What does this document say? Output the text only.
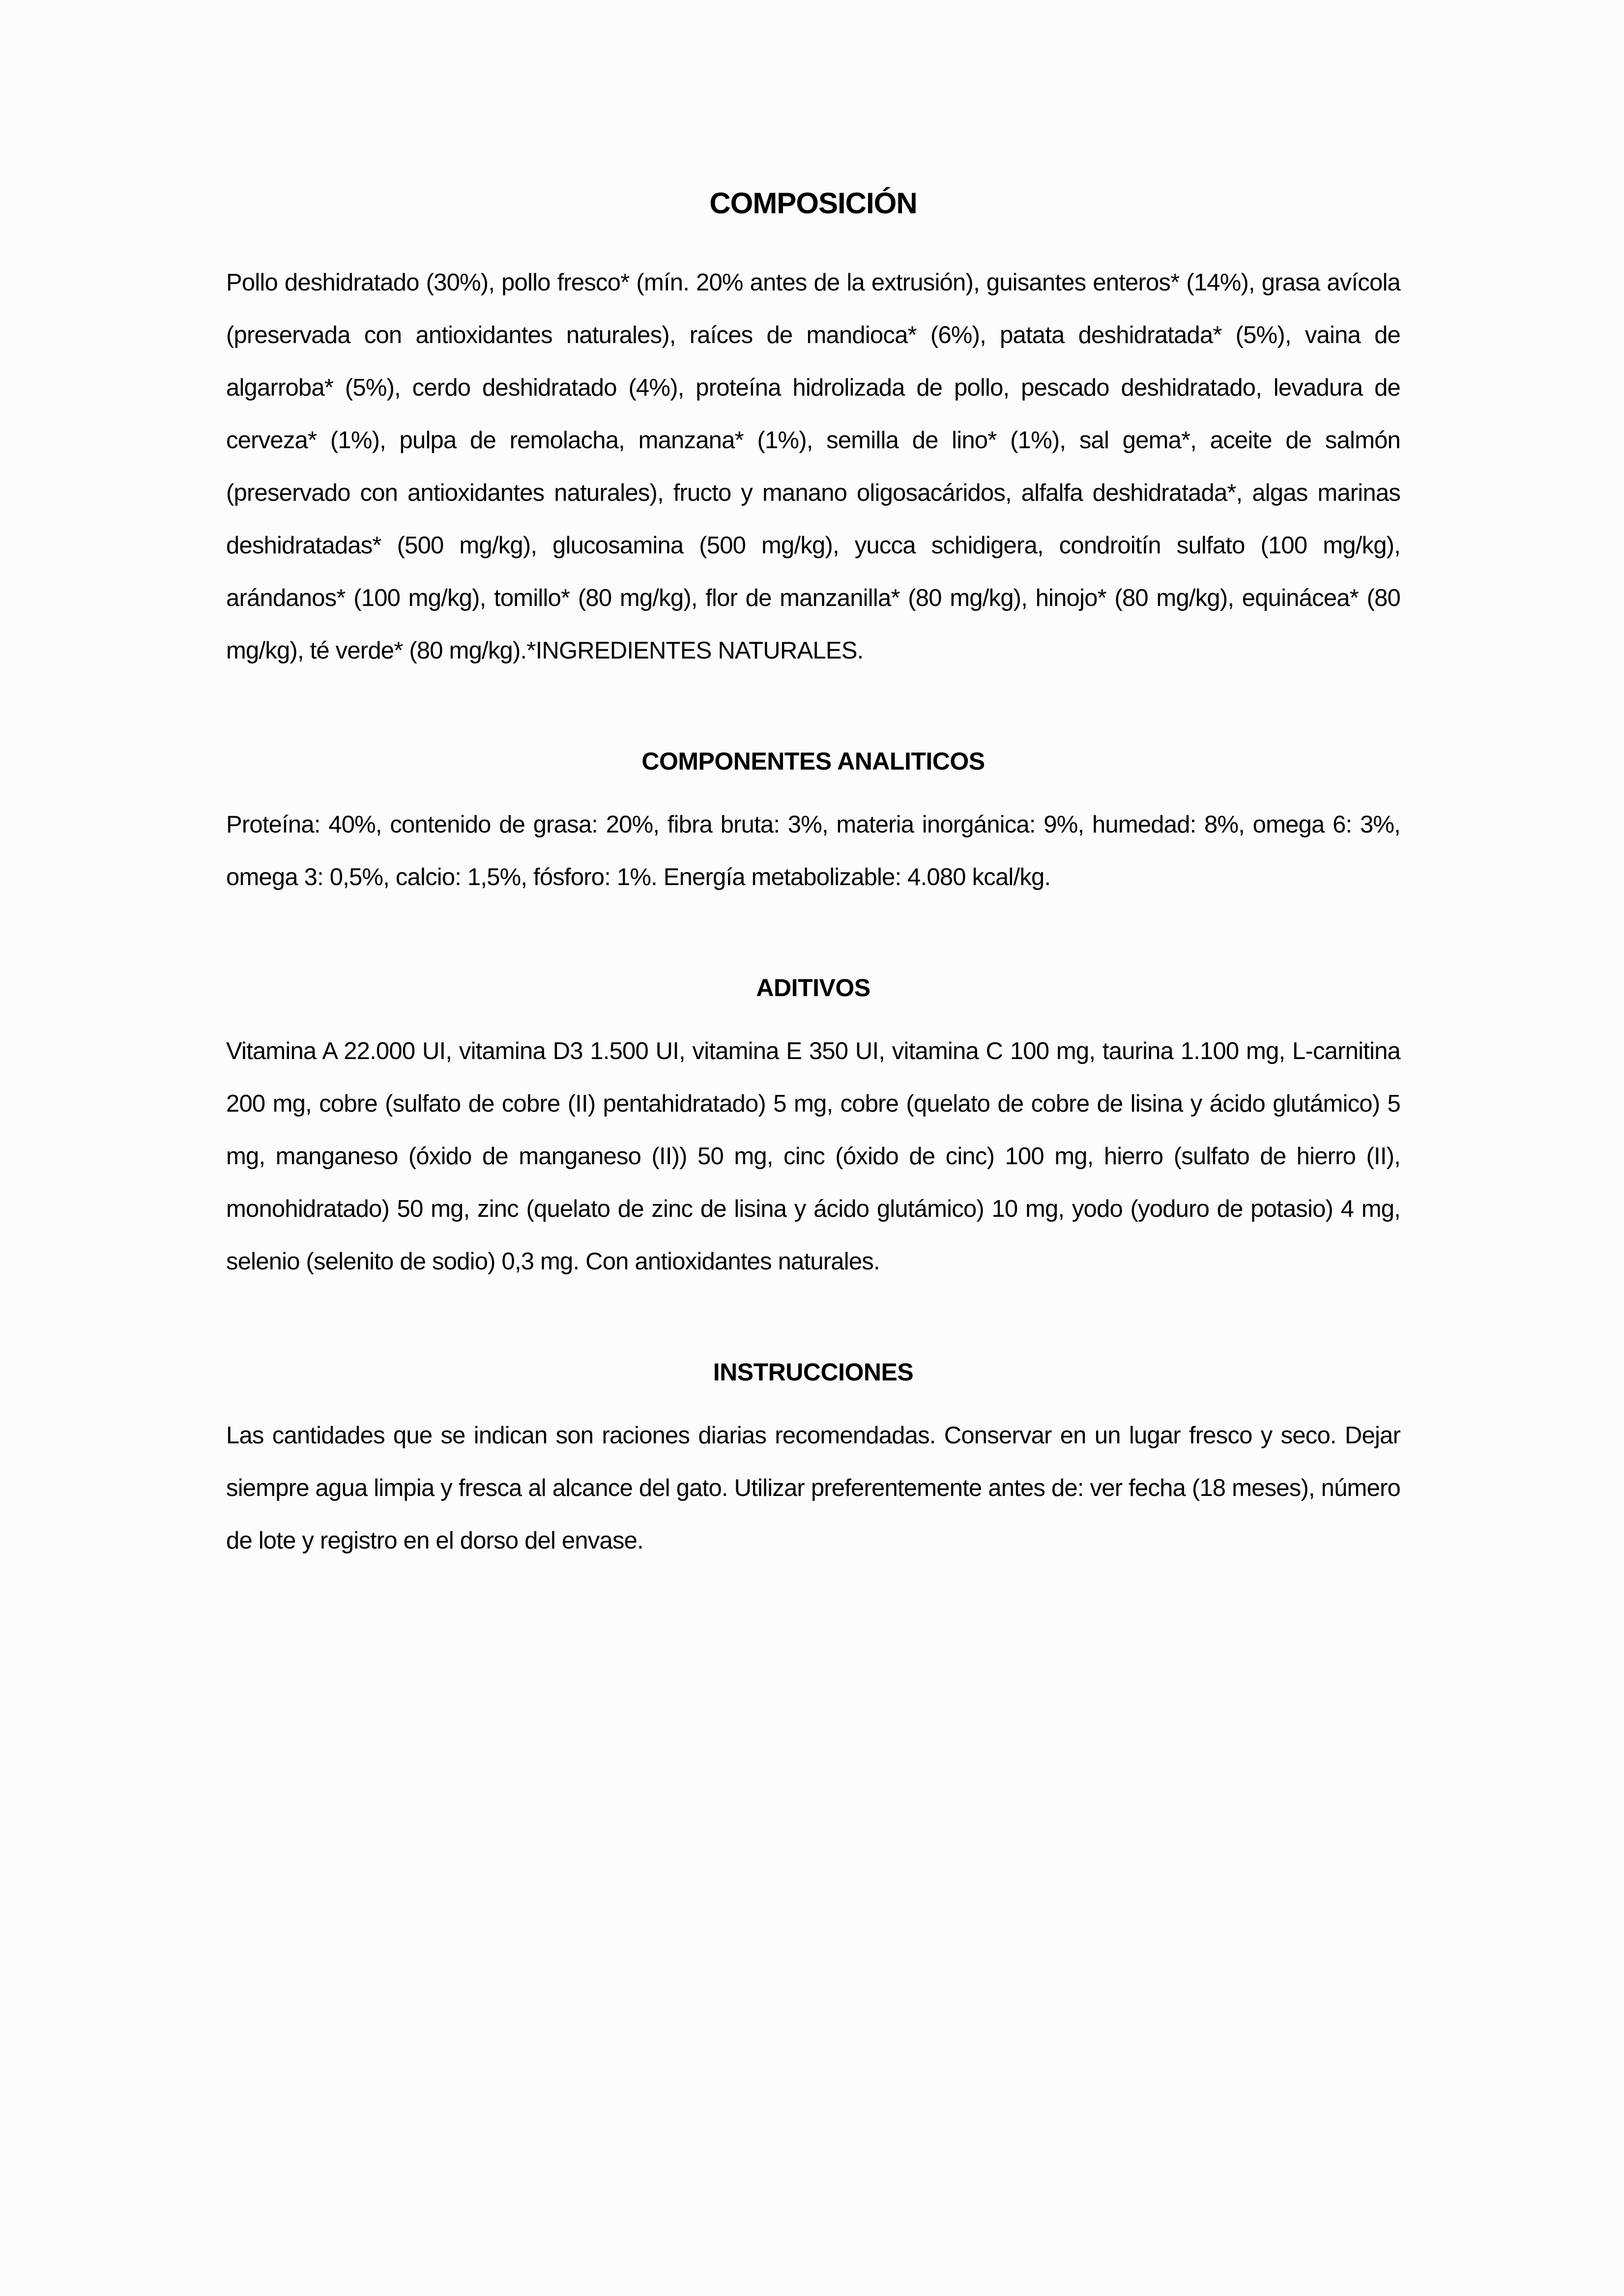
COMPOSICIÓN

Pollo deshidratado (30%), pollo fresco* (mín. 20% antes de la extrusión), guisantes enteros* (14%), grasa avícola (preservada con antioxidantes naturales), raíces de mandioca* (6%), patata deshidratada* (5%), vaina de algarroba* (5%), cerdo deshidratado (4%), proteína hidrolizada de pollo, pescado deshidratado, levadura de cerveza* (1%), pulpa de remolacha, manzana* (1%), semilla de lino* (1%), sal gema*, aceite de salmón (preservado con antioxidantes naturales), fructo y manano oligosacáridos, alfalfa deshidratada*, algas marinas deshidratadas* (500 mg/kg), glucosamina (500 mg/kg), yucca schidigera, condroitín sulfato (100 mg/kg), arándanos* (100 mg/kg), tomillo* (80 mg/kg), flor de manzanilla* (80 mg/kg), hinojo* (80 mg/kg), equinácea* (80 mg/kg), té verde* (80 mg/kg).*INGREDIENTES NATURALES.

COMPONENTES ANALITICOS

Proteína: 40%, contenido de grasa: 20%, fibra bruta: 3%, materia inorgánica: 9%, humedad: 8%, omega 6: 3%, omega 3: 0,5%, calcio: 1,5%, fósforo: 1%. Energía metabolizable: 4.080 kcal/kg.

ADITIVOS

Vitamina A 22.000 UI, vitamina D3 1.500 UI, vitamina E 350 UI, vitamina C 100 mg, taurina 1.100 mg, L-carnitina 200 mg, cobre (sulfato de cobre (II) pentahidratado) 5 mg, cobre (quelato de cobre de lisina y ácido glutámico) 5 mg, manganeso (óxido de manganeso (II)) 50 mg, cinc (óxido de cinc) 100 mg, hierro (sulfato de hierro (II), monohidratado) 50 mg, zinc (quelato de zinc de lisina y ácido glutámico) 10 mg, yodo (yoduro de potasio) 4 mg, selenio (selenito de sodio) 0,3 mg. Con antioxidantes naturales.

INSTRUCCIONES

Las cantidades que se indican son raciones diarias recomendadas. Conservar en un lugar fresco y seco. Dejar siempre agua limpia y fresca al alcance del gato. Utilizar preferentemente antes de: ver fecha (18 meses), número de lote y registro en el dorso del envase.
